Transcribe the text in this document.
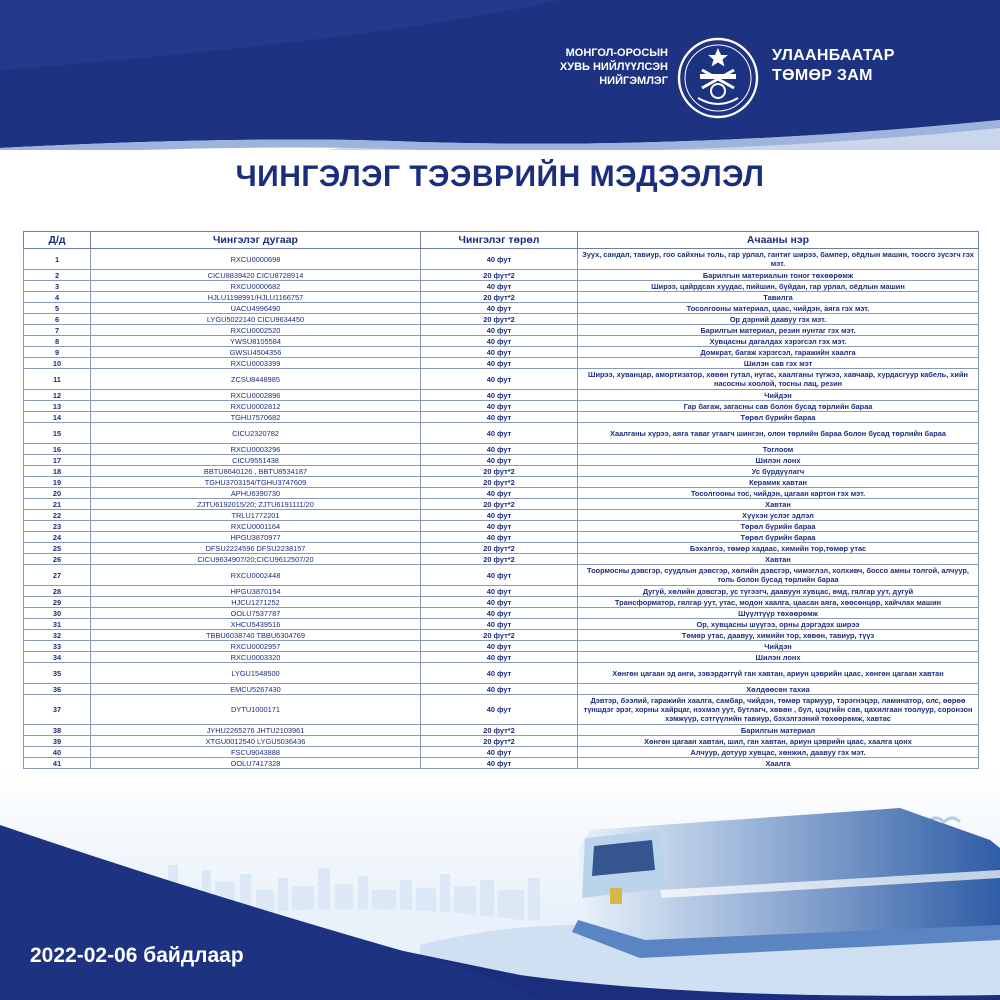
МОНГОЛ-ОРОСЫН
ХУВЬ НИЙЛҮҮЛСЭН
НИЙГЭМЛЭГ
УЛААНБААТАР
ТӨМӨР ЗАМ
ЧИНГЭЛЭГ ТЭЭВРИЙН МЭДЭЭЛЭЛ
Д/д	Чингэлэг дугаар	Чингэлэг төрөл	Ачааны нэр
1	RXCU0000698	40 фут	Зуух, сандал, тавиур, гоо сайхны толь, гар урлал, гантиг ширээ, бампер, оёдлын машин, тоосго зүсэгч гэх мэт.
2	CICU8839420 CICU8728914	20 фут*2	Барилгын материалын тоног төхөөрөмж
3	RXCU0000682	40 фут	Ширээ, цайрдсан хуудас, пийшин, бүйдан, гар урлал, оёдлын машин
4	HJLU1198991/HJLU1166757	20 фут*2	Тавилга
5	UACU4996490	40 фут	Тосолгооны материал, цаас, чийдэн, аяга гэх мэт.
6	LYGU5022140 CICU9634450	20 фут*2	Ор дэрний даавуу гэх мэт.
7	RXCU0002520	40 фут	Барилгын материал, резин нунтаг гэх мэт.
8	YWSU8105584	40 фут	Хувцасны дагалдах хэрэгсэл гэх мэт.
9	GWSU4504356	40 фут	Домкрат, багаж хэрэгсэл, гаражийн хаалга
10	RXCU0003399	40 фут	Шилэн сав гэх мэт
11	ZCSU8448985	40 фут	Ширээ, хуванцар, амортизатор, хөвөн гутал, нугас, хаалганы түгжээ, хавчаар, хурдасгуур кабель, хийн насосны хоолой, тосны лац, резин
12	RXCU0002896	40 фут	Чийдэн
13	RXCU0002812	40 фут	Гар багаж, загасны сав болон бусад төрлийн бараа
14	TGHU7570682	40 фут	Төрөл бүрийн бараа
15	CICU2320782	40 фут	Хаалганы хүрээ, аяга таваг угаагч шингэн, олон төрлийн бараа болон бусад төрлийн бараа
16	RXCU0003296	40 фут	Тоглоом
17	CICU9551438	40 фут	Шилэн лонх
18	BBTU8640126 , BBTU8534187	20 фут*2	Ус бүрдүүлагч
19	TGHU3703154/TGHU3747609	20 фут*2	Керамик хавтан
20	APHU6390730	40 фут	Тосолгооны тос, чийдэн, цагаан картон гэх мэт.
21	ZJTU6192015/20; ZJTU6191111/20	20 фут*2	Хавтан
22	TRLU1772201	40 фут	Хүүхэн услэг эдлэл
23	RXCU0001164	40 фут	Төрөл бүрийн бараа
24	HPGU3870977	40 фут	Төрөл бүрийн бараа
25	DFSU2224596 DFSU2238157	20 фут*2	Бэхэлгээ, төмөр хадаас, химийн тор,төмөр утас
26	CICU9634907/20;CICU9612507/20	20 фут*2	Хавтан
27	RXCU0002448	40 фут	Тоормосны дэвсгэр, суудлын дэвсгэр, хөлийн дэвсгэр, чимэглэл, холхивч, боссо амны толгой, алчуур, толь болон бусад төрлийн бараа
28	HPGU3870154	40 фут	Дугуй, хөлийн дэвсгэр, ус түгээгч, даавуун хувцас, өмд, гялгар уут, дугуй
29	HJCU1271252	40 фут	Трансформатор, гялгар уут, утас, модон хаалга, цаасан аяга, хөөсөнцөр, хайчлах машин
30	OOLU7537787	40 фут	Шүүлтүүр төхөөрөмж
31	XHCU5439516	40 фут	Ор, хувцасны шүүгээ, орны дэргэдэх ширээ
32	TBBU6038740 TBBU6304769	20 фут*2	Төмөр утас, даавуу, химийн тор, хөвөн, тавиур, түүз
33	RXCU0002957	40 фут	Чийдэн
34	RXCU0003320	40 фут	Шилэн лонх
35	LYGU1548500	40 фут	Хөнгөн цагаан эд анги, зэвэрдэггүй ган хавтан, ариун цэврийн цаас, хөнгөн цагаан хавтан
36	EMCU5267430	40 фут	Хөлдөөсөн тахиа
37	DYTU1000171	40 фут	Дэвтэр, бээлий, гаражийн хаалга, самбар, чийдэн, төмөр тармуур, тэрэгнэцэр, ламинатор, олс, өөрөө түншдэг эрэг, хорны хайрцаг, нэхмэл уут, бутлагч, хөвөн , бул, цэцгийн сав, цахилгаан тоолуур, соронзон хэмжүүр, сэтгүүлийн тавиур, бэхэлгээний төхөөрөмж, хавтас
38	JYHU2265276 JHTU2103961	20 фут*2	Барилгын материал
39	XTGU0012540 LYGU5036436	20 фут*2	Хөнгөн цагаан хавтан, шил, ган хавтан, ариун цэврийн цаас, хаалга цонх
40	FSCU9043888	40 фут	Алчуур, дотуур хувцас, хөнжил, даавуу гэх мэт.
41	OOLU7417328	40 фут	Хаалга
2022-02-06 байдлаар
